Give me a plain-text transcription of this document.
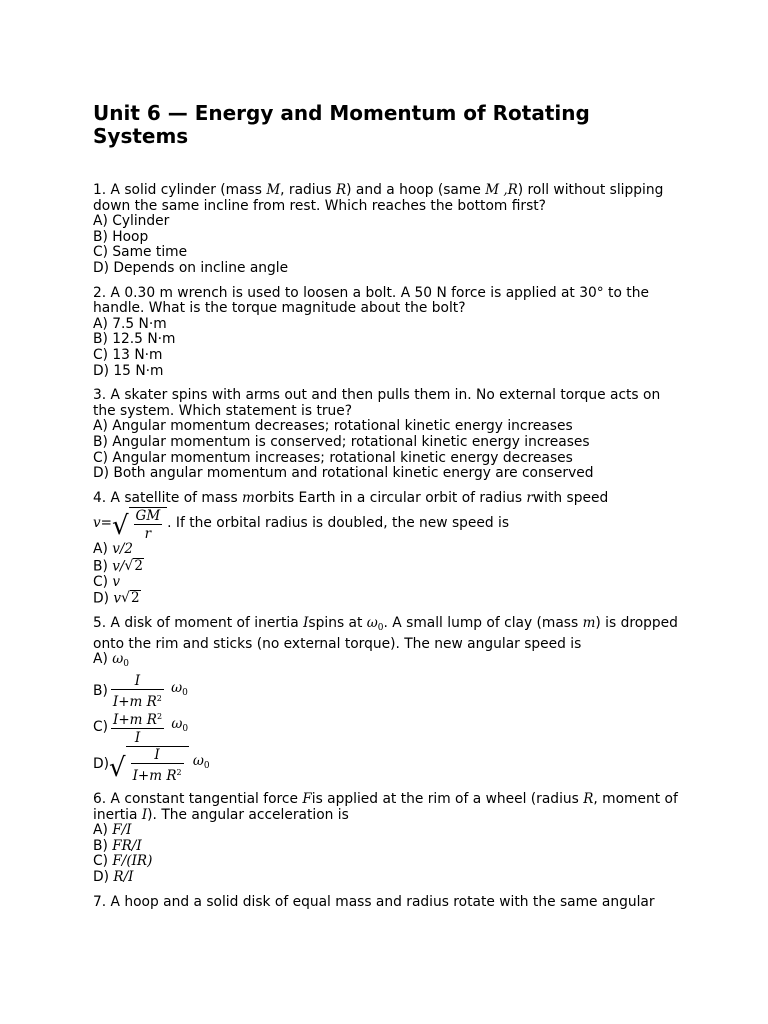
Unit 6 — Energy and Momentum of Rotating Systems

1. A solid cylinder (mass M, radius R) and a hoop (same M ,R) roll without slipping down the same incline from rest. Which reaches the bottom first?

A) Cylinder
B) Hoop
C) Same time
D) Depends on incline angle

2. A 0.30 m wrench is used to loosen a bolt. A 50 N force is applied at 30° to the handle. What is the torque magnitude about the bolt?

A) 7.5 N·m
B) 12.5 N·m
C) 13 N·m
D) 15 N·m

3. A skater spins with arms out and then pulls them in. No external torque acts on the system. Which statement is true?

A) Angular momentum decreases; rotational kinetic energy increases
B) Angular momentum is conserved; rotational kinetic energy increases
C) Angular momentum increases; rotational kinetic energy decreases
D) Both angular momentum and rotational kinetic energy are conserved

4. A satellite of mass morbits Earth in a circular orbit of radius rwith speed

v= √ $\frac{GM}{r}$ . If the orbital radius is doubled, the new speed is
A) v/2
B) v/ √ 2
C) v
D) v √ 2

5. A disk of moment of inertia Ispins at $\omega_0$. A small lump of clay (mass m) is dropped onto the rim and sticks (no external torque). The new angular speed is

A) $\omega_0$
$B) \frac{I}{I+m R^2} \omega_0$
$C) \frac{I+m R^2}{I} \omega_0$
D) √ $\frac{I}{I+m R^2} \omega_0$

6. A constant tangential force Fis applied at the rim of a wheel (radius R, moment of inertia I). The angular acceleration is

A) F/I
B) FR/I
C) F/(IR)
D) R/I

7. A hoop and a solid disk of equal mass and radius rotate with the same angular
